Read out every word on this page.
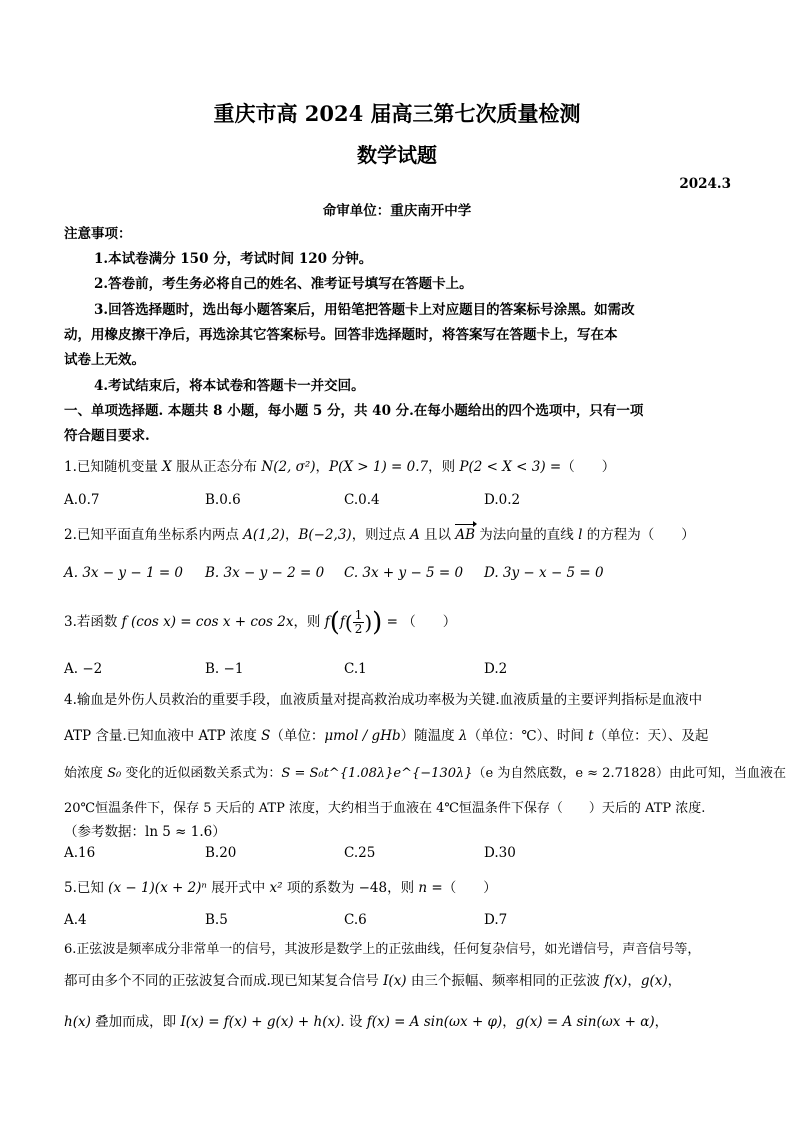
重庆市高 2024 届高三第七次质量检测
数学试题
2024.3
命审单位：重庆南开中学
注意事项：
1.本试卷满分 150 分，考试时间 120 分钟。
2.答卷前，考生务必将自己的姓名、准考证号填写在答题卡上。
3.回答选择题时，选出每小题答案后，用铅笔把答题卡上对应题目的答案标号涂黑。如需改
动，用橡皮擦干净后，再选涂其它答案标号。回答非选择题时，将答案写在答题卡上，写在本
试卷上无效。
4.考试结束后，将本试卷和答题卡一并交回。
一、单项选择题. 本题共 8 小题，每小题 5 分，共 40 分.在每小题给出的四个选项中，只有一项
符合题目要求.
1.已知随机变量 X 服从正态分布 N(2, σ²)，P(X > 1) = 0.7，则 P(2 < X < 3) =（　　）
A.0.7	B.0.6	C.0.4	D.0.2
2.已知平面直角坐标系内两点 A(1,2)，B(−2,3)，则过点 A 且以 AB 为法向量的直线 l 的方程为（　　）
A. 3x − y − 1 = 0 B. 3x − y − 2 = 0 C. 3x + y − 5 = 0 D. 3y − x − 5 = 0
3.若函数 f (cos x) = cos x + cos 2x，则 $f(f( \frac{1}{2}$ )) = （　　）
A. −2	B. −1	C.1	D.2
4.输血是外伤人员救治的重要手段，血液质量对提高救治成功率极为关键.血液质量的主要评判指标是血液中
ATP 含量.已知血液中 ATP 浓度 S（单位：μmol / gHb）随温度 λ（单位：℃）、时间 t（单位：天）、及起
始浓度 S₀ 变化的近似函数关系式为：S = S₀t^{1.08λ}e^{−130λ}（e 为自然底数，e ≈ 2.71828）由此可知，当血液在
20℃恒温条件下，保存 5 天后的 ATP 浓度，大约相当于血液在 4℃恒温条件下保存（　　）天后的 ATP 浓度.
（参考数据：ln 5 ≈ 1.6）
A.16	B.20	C.25	D.30
5.已知 (x − 1)(x + 2)ⁿ 展开式中 x² 项的系数为 −48，则 n =（　　）
A.4	B.5	C.6	D.7
6.正弦波是频率成分非常单一的信号，其波形是数学上的正弦曲线，任何复杂信号，如光谱信号，声音信号等，
都可由多个不同的正弦波复合而成.现已知某复合信号 I(x) 由三个振幅、频率相同的正弦波 f(x)，g(x)，
h(x) 叠加而成，即 I(x) = f(x) + g(x) + h(x). 设 f(x) = A sin(ωx + φ)，g(x) = A sin(ωx + α)，
